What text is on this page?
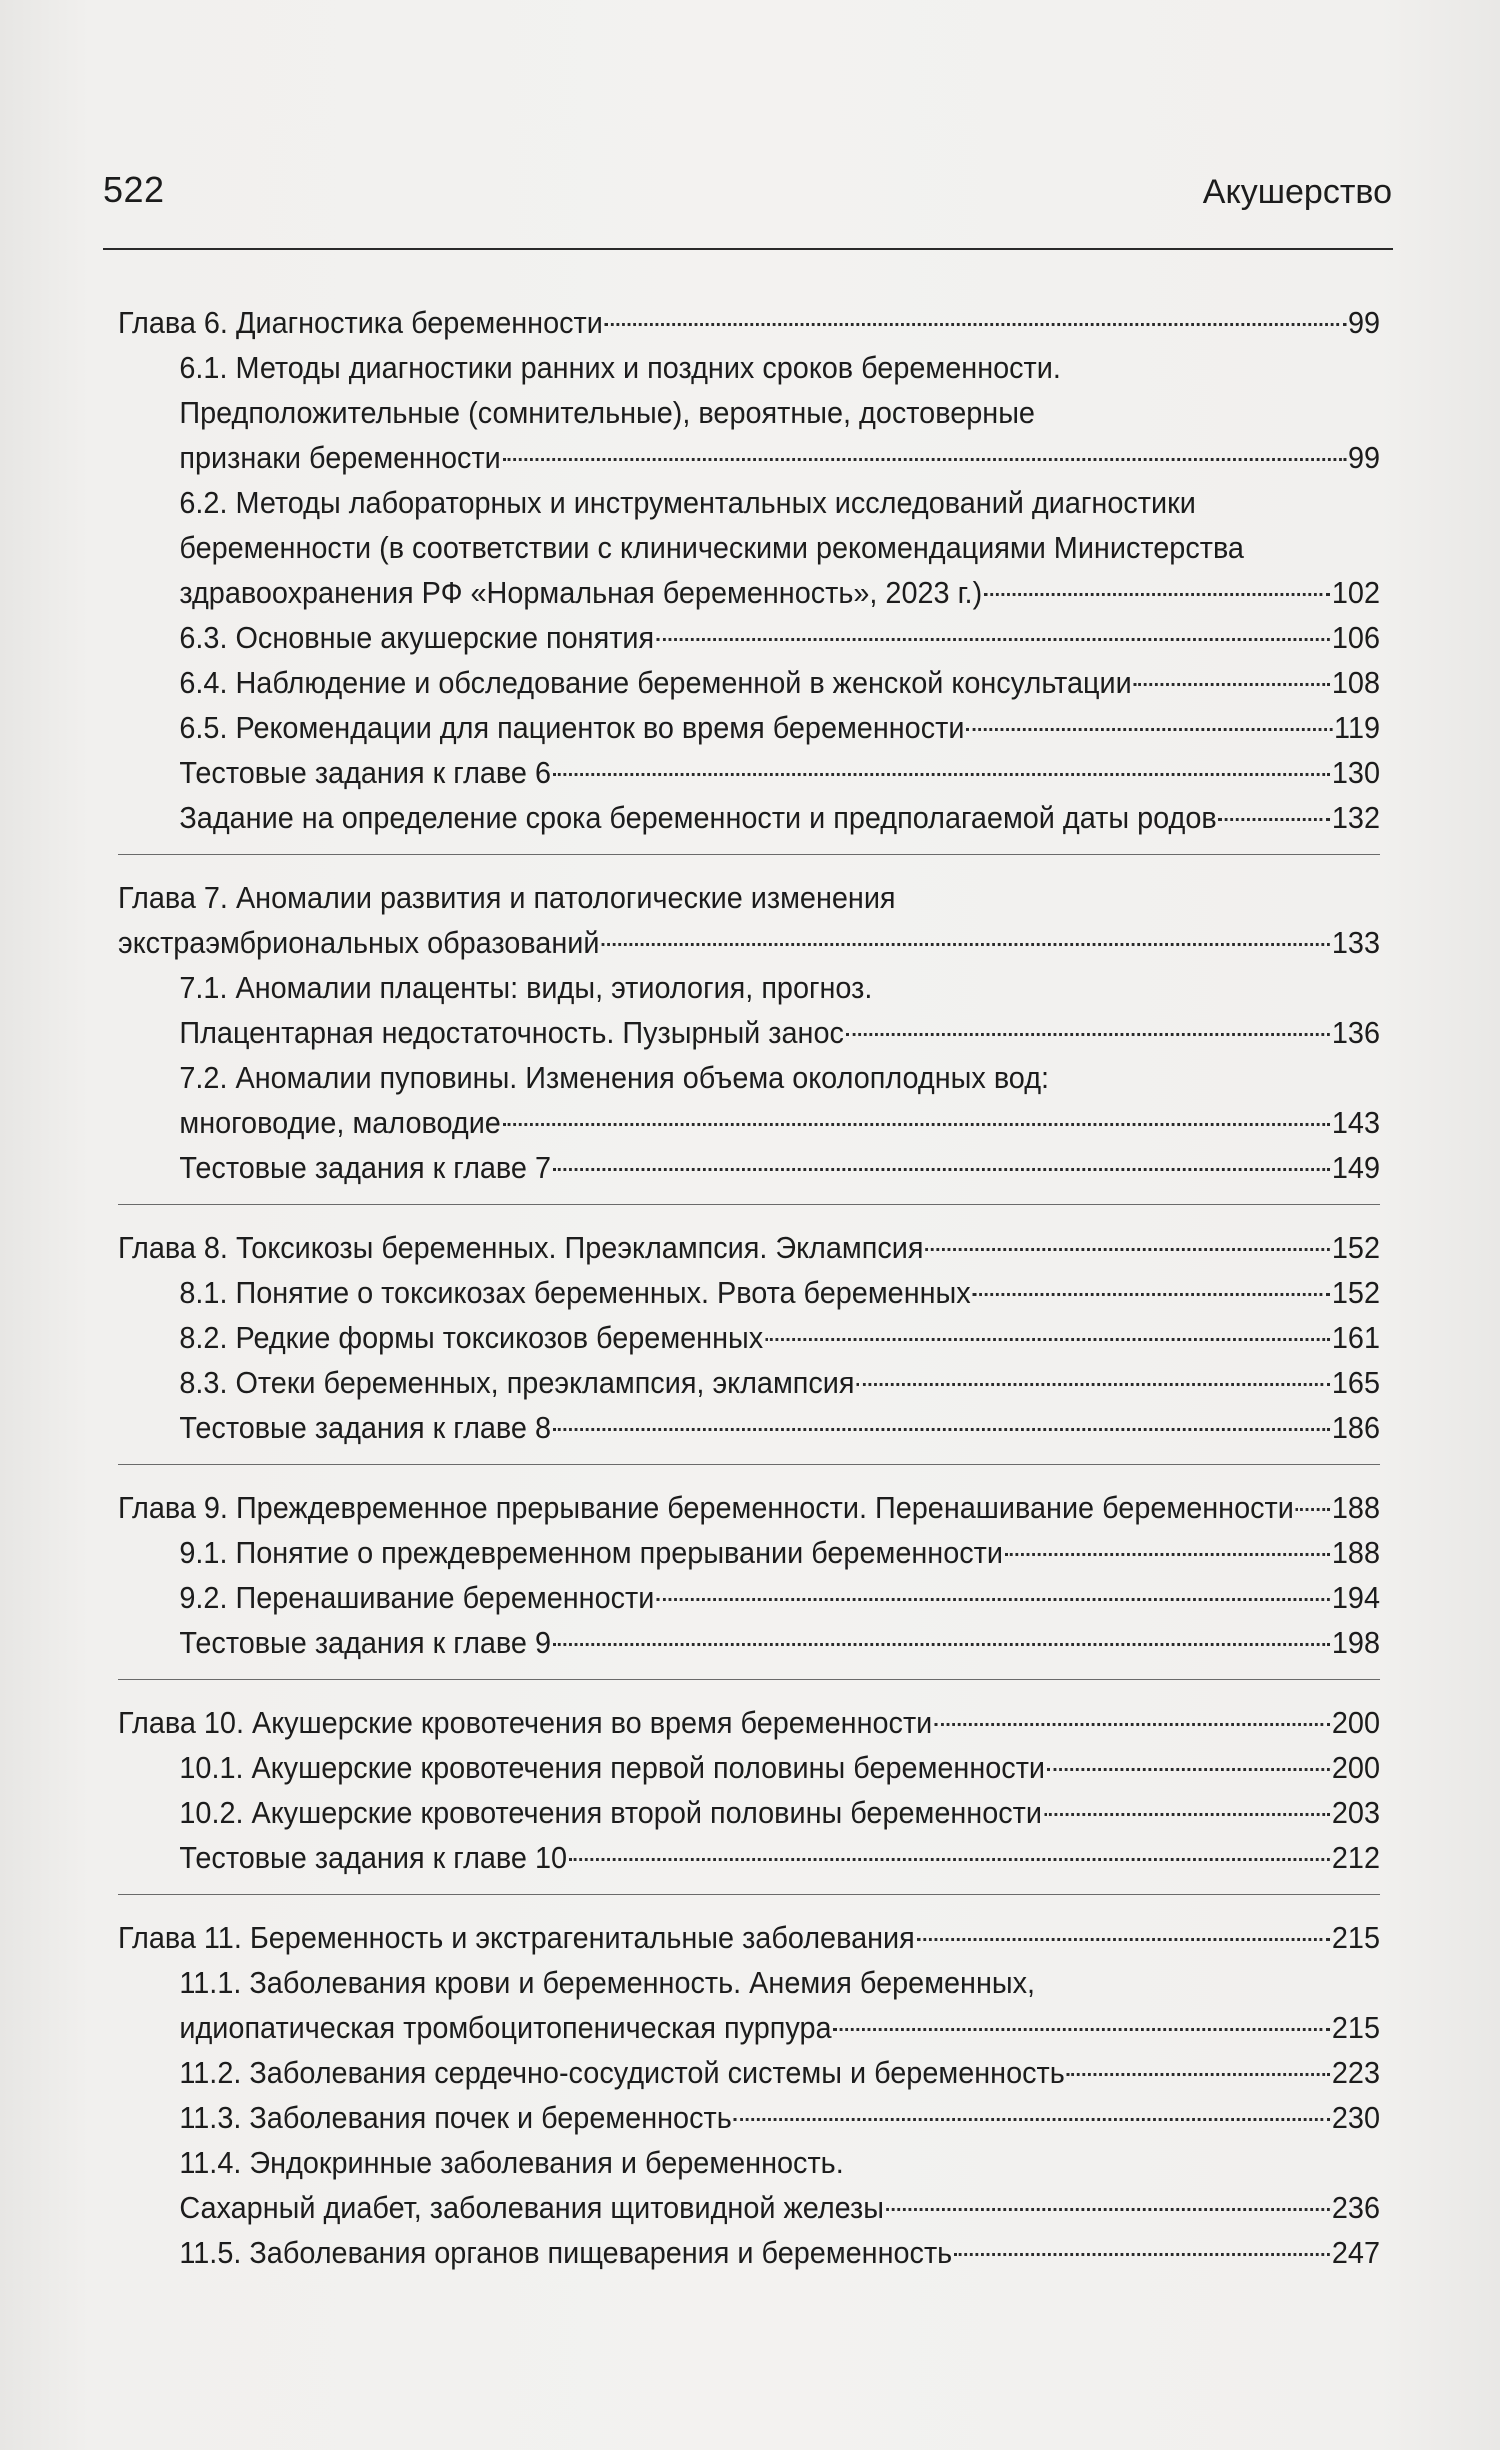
522	Акушерство
Глава 6. Диагностика беременности	99
6.1. Методы диагностики ранних и поздних сроков беременности.
Предположительные (сомнительные), вероятные, достоверные
признаки беременности	99
6.2. Методы лабораторных и инструментальных исследований диагностики
беременности (в соответствии с клиническими рекомендациями Министерства
здравоохранения РФ «Нормальная беременность», 2023 г.)	102
6.3. Основные акушерские понятия	106
6.4. Наблюдение и обследование беременной в женской консультации	108
6.5. Рекомендации для пациенток во время беременности	119
Тестовые задания к главе 6	130
Задание на определение срока беременности и предполагаемой даты родов	132
Глава 7. Аномалии развития и патологические изменения
экстраэмбриональных образований	133
7.1. Аномалии плаценты: виды, этиология, прогноз.
Плацентарная недостаточность. Пузырный занос	136
7.2. Аномалии пуповины. Изменения объема околоплодных вод:
многоводие, маловодие	143
Тестовые задания к главе 7	149
Глава 8. Токсикозы беременных. Преэклампсия. Эклампсия	152
8.1. Понятие о токсикозах беременных. Рвота беременных	152
8.2. Редкие формы токсикозов беременных	161
8.3. Отеки беременных, преэклампсия, эклампсия	165
Тестовые задания к главе 8	186
Глава 9. Преждевременное прерывание беременности. Перенашивание беременности 188
9.1. Понятие о преждевременном прерывании беременности	188
9.2. Перенашивание беременности	194
Тестовые задания к главе 9	198
Глава 10. Акушерские кровотечения во время беременности	200
10.1. Акушерские кровотечения первой половины беременности	200
10.2. Акушерские кровотечения второй половины беременности	203
Тестовые задания к главе 10	212
Глава 11. Беременность и экстрагенитальные заболевания	215
11.1. Заболевания крови и беременность. Анемия беременных,
идиопатическая тромбоцитопеническая пурпура	215
11.2. Заболевания сердечно-сосудистой системы и беременность	223
11.3. Заболевания почек и беременность	230
11.4. Эндокринные заболевания и беременность.
Сахарный диабет, заболевания щитовидной железы	236
11.5. Заболевания органов пищеварения и беременность	247
